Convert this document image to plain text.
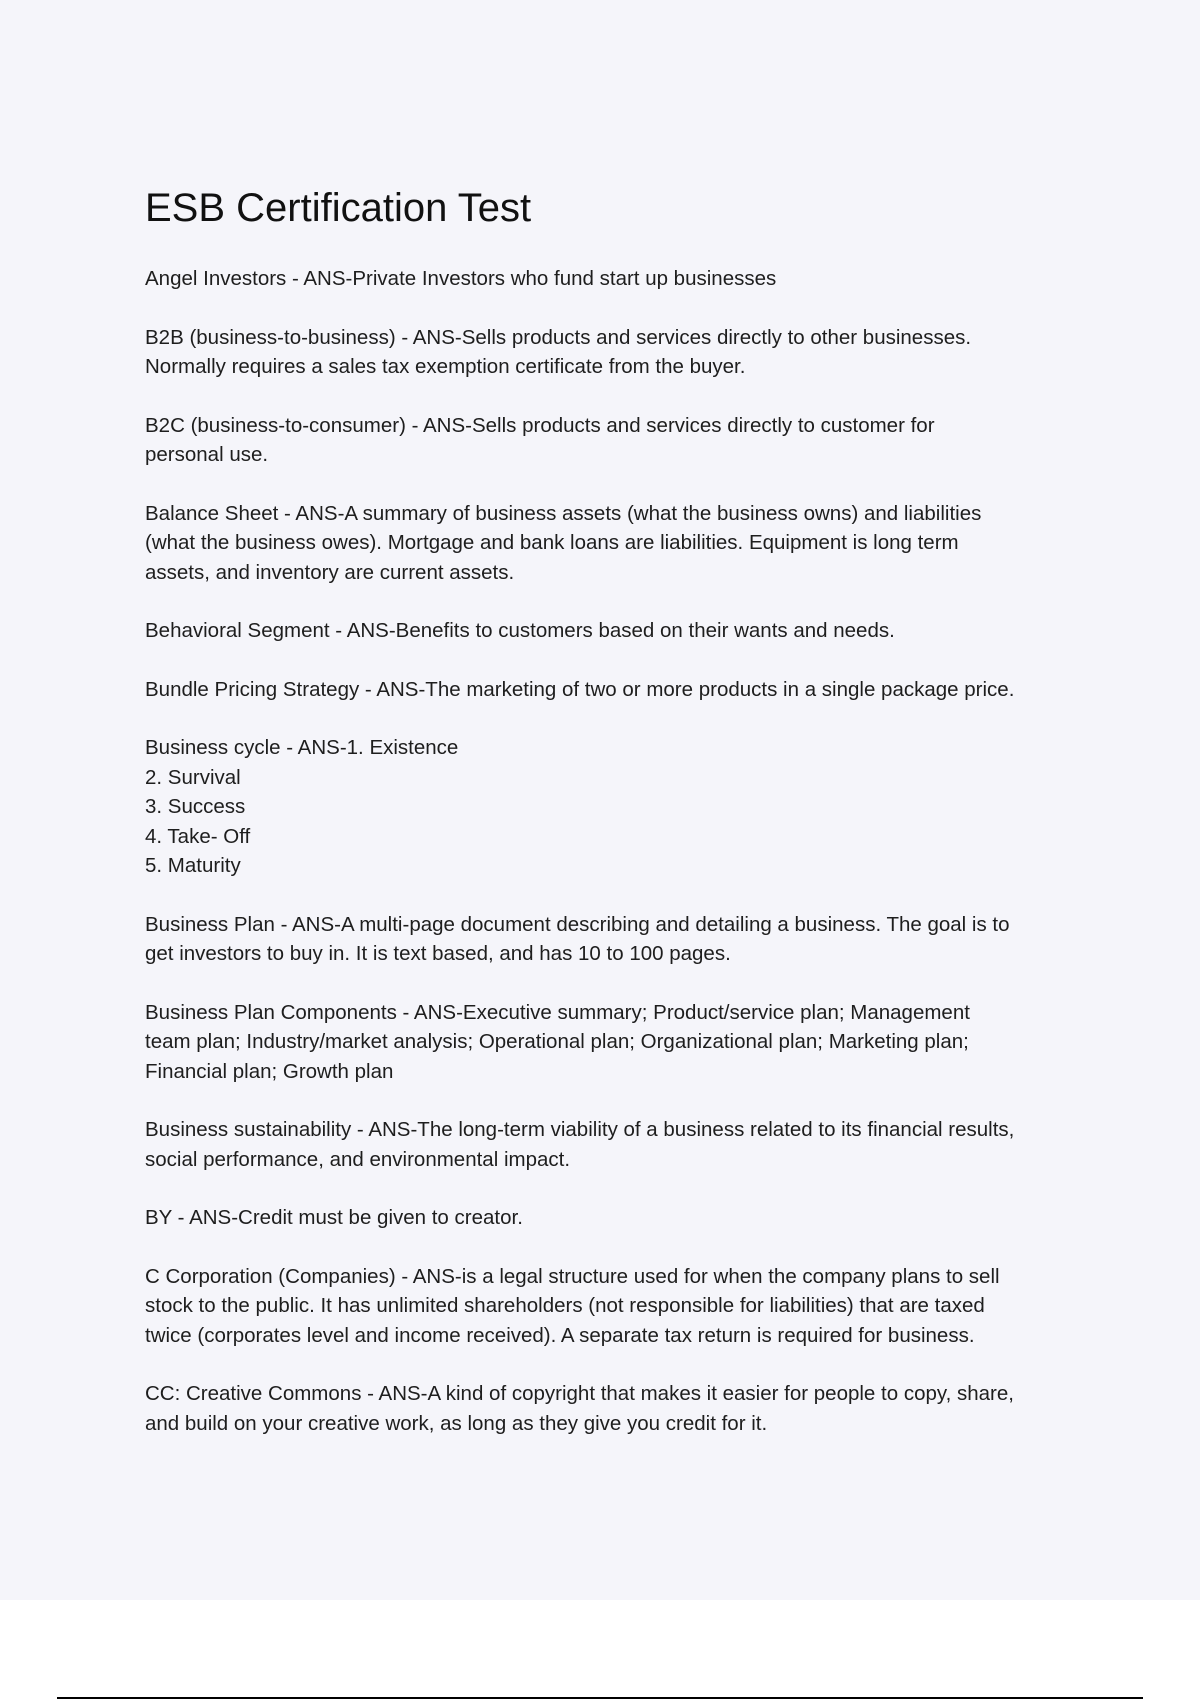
ESB Certification Test

Angel Investors - ANS-Private Investors who fund start up businesses

B2B (business-to-business) - ANS-Sells products and services directly to other businesses.
Normally requires a sales tax exemption certificate from the buyer.

B2C (business-to-consumer) - ANS-Sells products and services directly to customer for
personal use.

Balance Sheet - ANS-A summary of business assets (what the business owns) and liabilities
(what the business owes). Mortgage and bank loans are liabilities. Equipment is long term
assets, and inventory are current assets.

Behavioral Segment - ANS-Benefits to customers based on their wants and needs.

Bundle Pricing Strategy - ANS-The marketing of two or more products in a single package price.

Business cycle - ANS-1. Existence
2. Survival
3. Success
4. Take- Off
5. Maturity

Business Plan - ANS-A multi-page document describing and detailing a business. The goal is to
get investors to buy in. It is text based, and has 10 to 100 pages.

Business Plan Components - ANS-Executive summary; Product/service plan; Management
team plan; Industry/market analysis; Operational plan; Organizational plan; Marketing plan;
Financial plan; Growth plan

Business sustainability - ANS-The long-term viability of a business related to its financial results,
social performance, and environmental impact.

BY - ANS-Credit must be given to creator.

C Corporation (Companies) - ANS-is a legal structure used for when the company plans to sell
stock to the public. It has unlimited shareholders (not responsible for liabilities) that are taxed
twice (corporates level and income received). A separate tax return is required for business.

CC: Creative Commons - ANS-A kind of copyright that makes it easier for people to copy, share,
and build on your creative work, as long as they give you credit for it.
